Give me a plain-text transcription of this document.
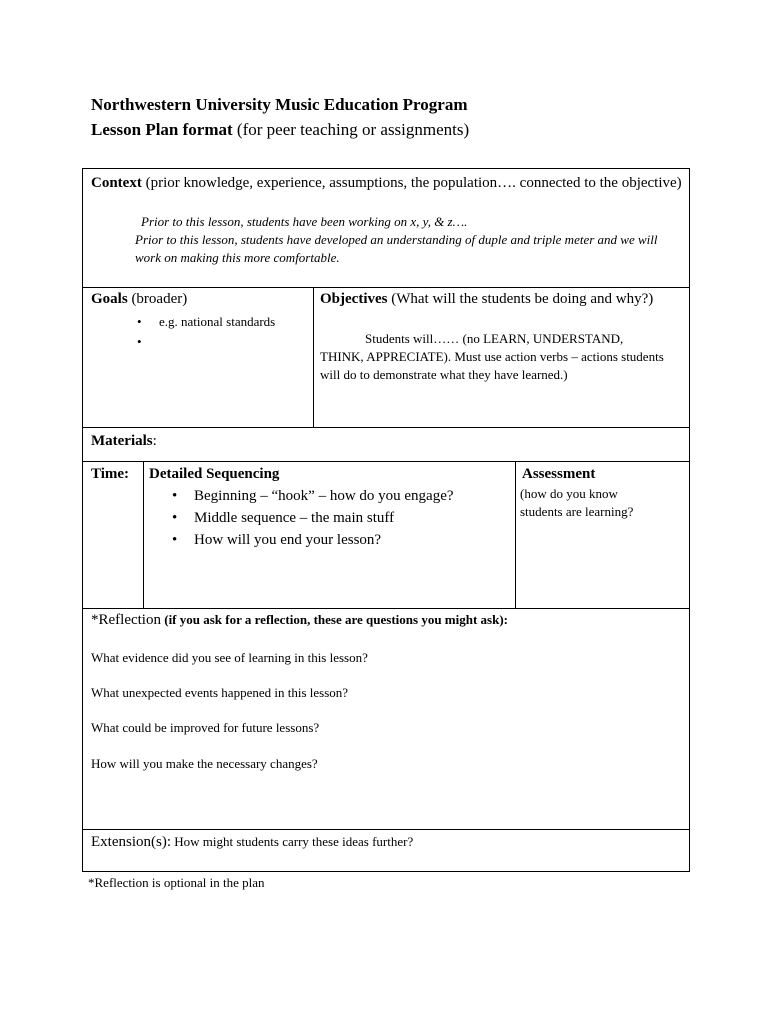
Northwestern University Music Education Program
Lesson Plan format (for peer teaching or assignments)
Context (prior knowledge, experience, assumptions, the population…. connected to the objective)
Prior to this lesson, students have been working on x, y, & z….
Prior to this lesson, students have developed an understanding of duple and triple meter and we will work on making this more comfortable.
Goals (broader)
• e.g. national standards
•
Objectives (What will the students be doing and why?)
Students will…… (no LEARN, UNDERSTAND,
THINK, APPRECIATE). Must use action verbs – actions students will do to demonstrate what they have learned.)
Materials:
Time: Detailed Sequencing
• Beginning – “hook” – how do you engage?
• Middle sequence – the main stuff
• How will you end your lesson?
Assessment
(how do you know students are learning?
*Reflection (if you ask for a reflection, these are questions you might ask):
What evidence did you see of learning in this lesson?
What unexpected events happened in this lesson?
What could be improved for future lessons?
How will you make the necessary changes?
Extension(s): How might students carry these ideas further?
*Reflection is optional in the plan
